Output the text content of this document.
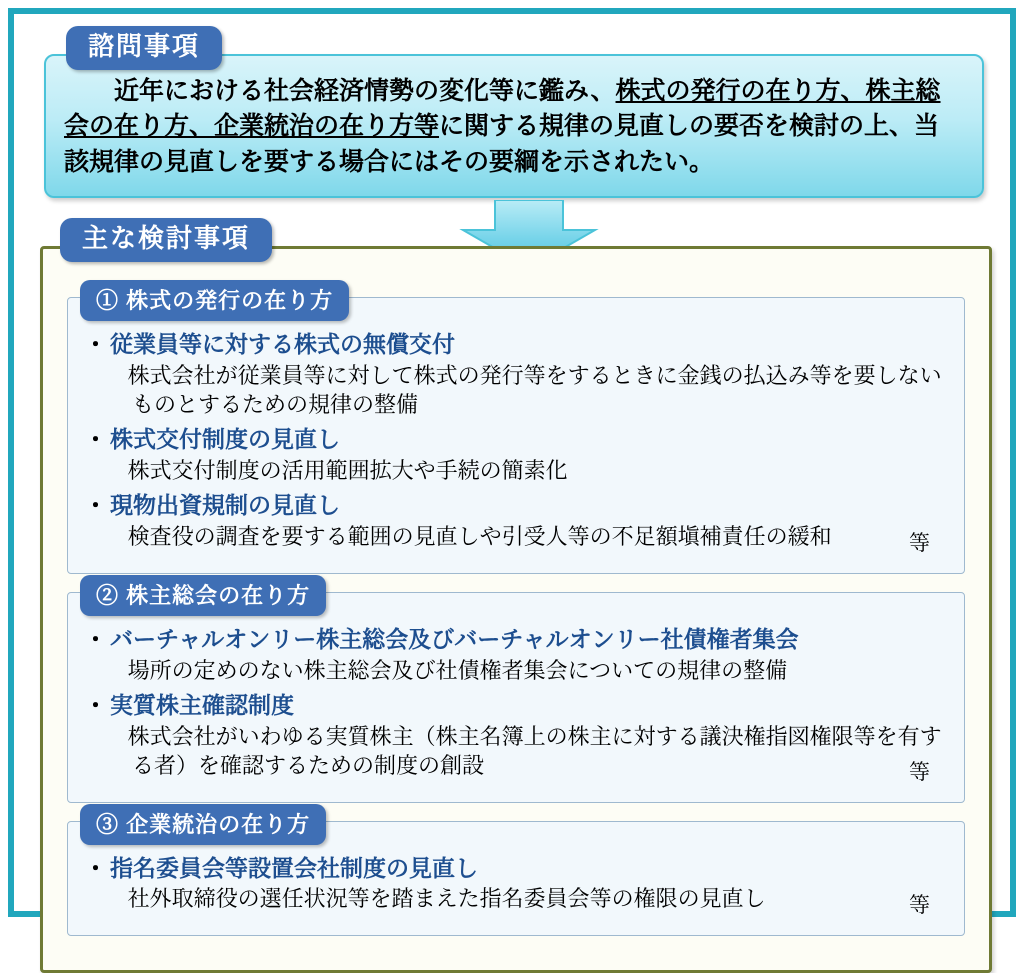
諮問事項
　近年における社会経済情勢の変化等に鑑み、株式の発行の在り方、株主総会の在り方、企業統治の在り方等に関する規律の見直しの要否を検討の上、当該規律の見直しを要する場合にはその要綱を示されたい。
主な検討事項
① 株式の発行の在り方
・ 従業員等に対する株式の無償交付
株式会社が従業員等に対して株式の発行等をするときに金銭の払込み等を要しないものとするための規律の整備
・ 株式交付制度の見直し
株式交付制度の活用範囲拡大や手続の簡素化
・ 現物出資規制の見直し
検査役の調査を要する範囲の見直しや引受人等の不足額塡補責任の緩和	等
② 株主総会の在り方
・ バーチャルオンリー株主総会及びバーチャルオンリー社債権者集会
場所の定めのない株主総会及び社債権者集会についての規律の整備
・ 実質株主確認制度
株式会社がいわゆる実質株主（株主名簿上の株主に対する議決権指図権限等を有する者）を確認するための制度の創設	等
③ 企業統治の在り方
・ 指名委員会等設置会社制度の見直し
社外取締役の選任状況等を踏まえた指名委員会等の権限の見直し	等
